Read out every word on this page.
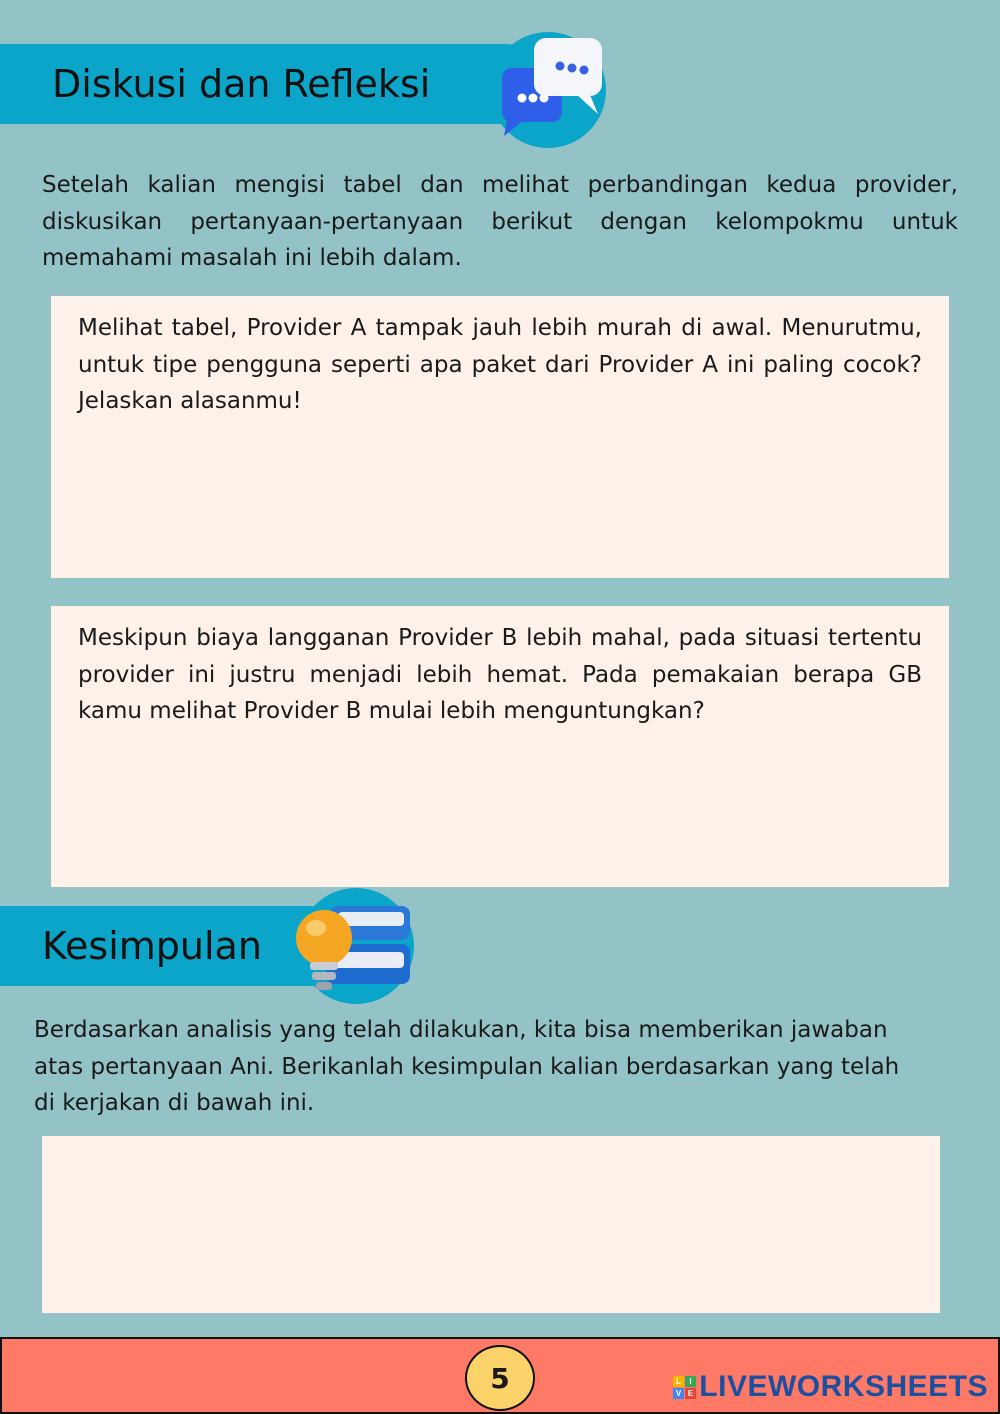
Diskusi dan Refleksi

Setelah kalian mengisi tabel dan melihat perbandingan kedua provider, diskusikan pertanyaan-pertanyaan berikut dengan kelompokmu untuk memahami masalah ini lebih dalam.

Melihat tabel, Provider A tampak jauh lebih murah di awal. Menurutmu, untuk tipe pengguna seperti apa paket dari Provider A ini paling cocok? Jelaskan alasanmu!

Meskipun biaya langganan Provider B lebih mahal, pada situasi tertentu provider ini justru menjadi lebih hemat. Pada pemakaian berapa GB kamu melihat Provider B mulai lebih menguntungkan?

Kesimpulan

Berdasarkan analisis yang telah dilakukan, kita bisa memberikan jawaban atas pertanyaan Ani. Berikanlah kesimpulan kalian berdasarkan yang telah di kerjakan di bawah ini.

5	L I
V E LIVEWORKSHEETS
